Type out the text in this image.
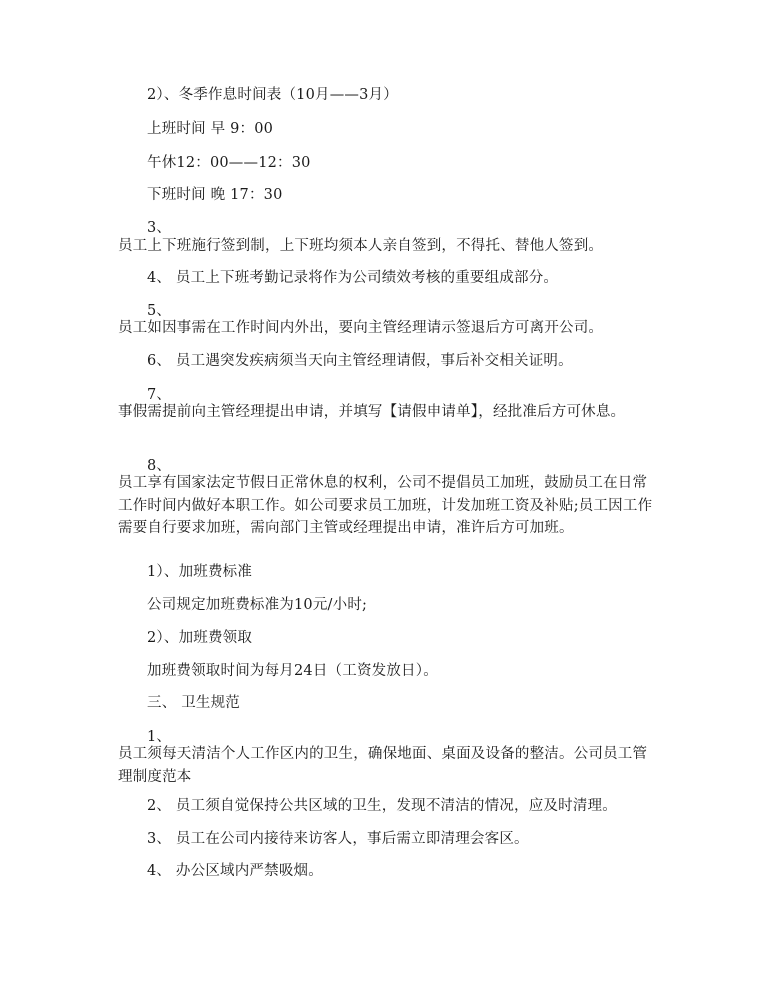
2）、冬季作息时间表（10月——3月）
上班时间 早 9：00
午休12：00——12：30
下班时间 晚 17：30
3、
员工上下班施行签到制，上下班均须本人亲自签到，不得托、替他人签到。
4、 员工上下班考勤记录将作为公司绩效考核的重要组成部分。
5、
员工如因事需在工作时间内外出，要向主管经理请示签退后方可离开公司。
6、 员工遇突发疾病须当天向主管经理请假，事后补交相关证明。
7、
事假需提前向主管经理提出申请，并填写【请假申请单】，经批准后方可休息。
8、
员工享有国家法定节假日正常休息的权利，公司不提倡员工加班，鼓励员工在日常工作时间内做好本职工作。如公司要求员工加班，计发加班工资及补贴;员工因工作需要自行要求加班，需向部门主管或经理提出申请，准许后方可加班。
1）、加班费标准
公司规定加班费标准为10元/小时;
2）、加班费领取
加班费领取时间为每月24日（工资发放日）。
三、 卫生规范
1、
员工须每天清洁个人工作区内的卫生，确保地面、桌面及设备的整洁。公司员工管理制度范本
2、 员工须自觉保持公共区域的卫生，发现不清洁的情况，应及时清理。
3、 员工在公司内接待来访客人，事后需立即清理会客区。
4、 办公区域内严禁吸烟。
